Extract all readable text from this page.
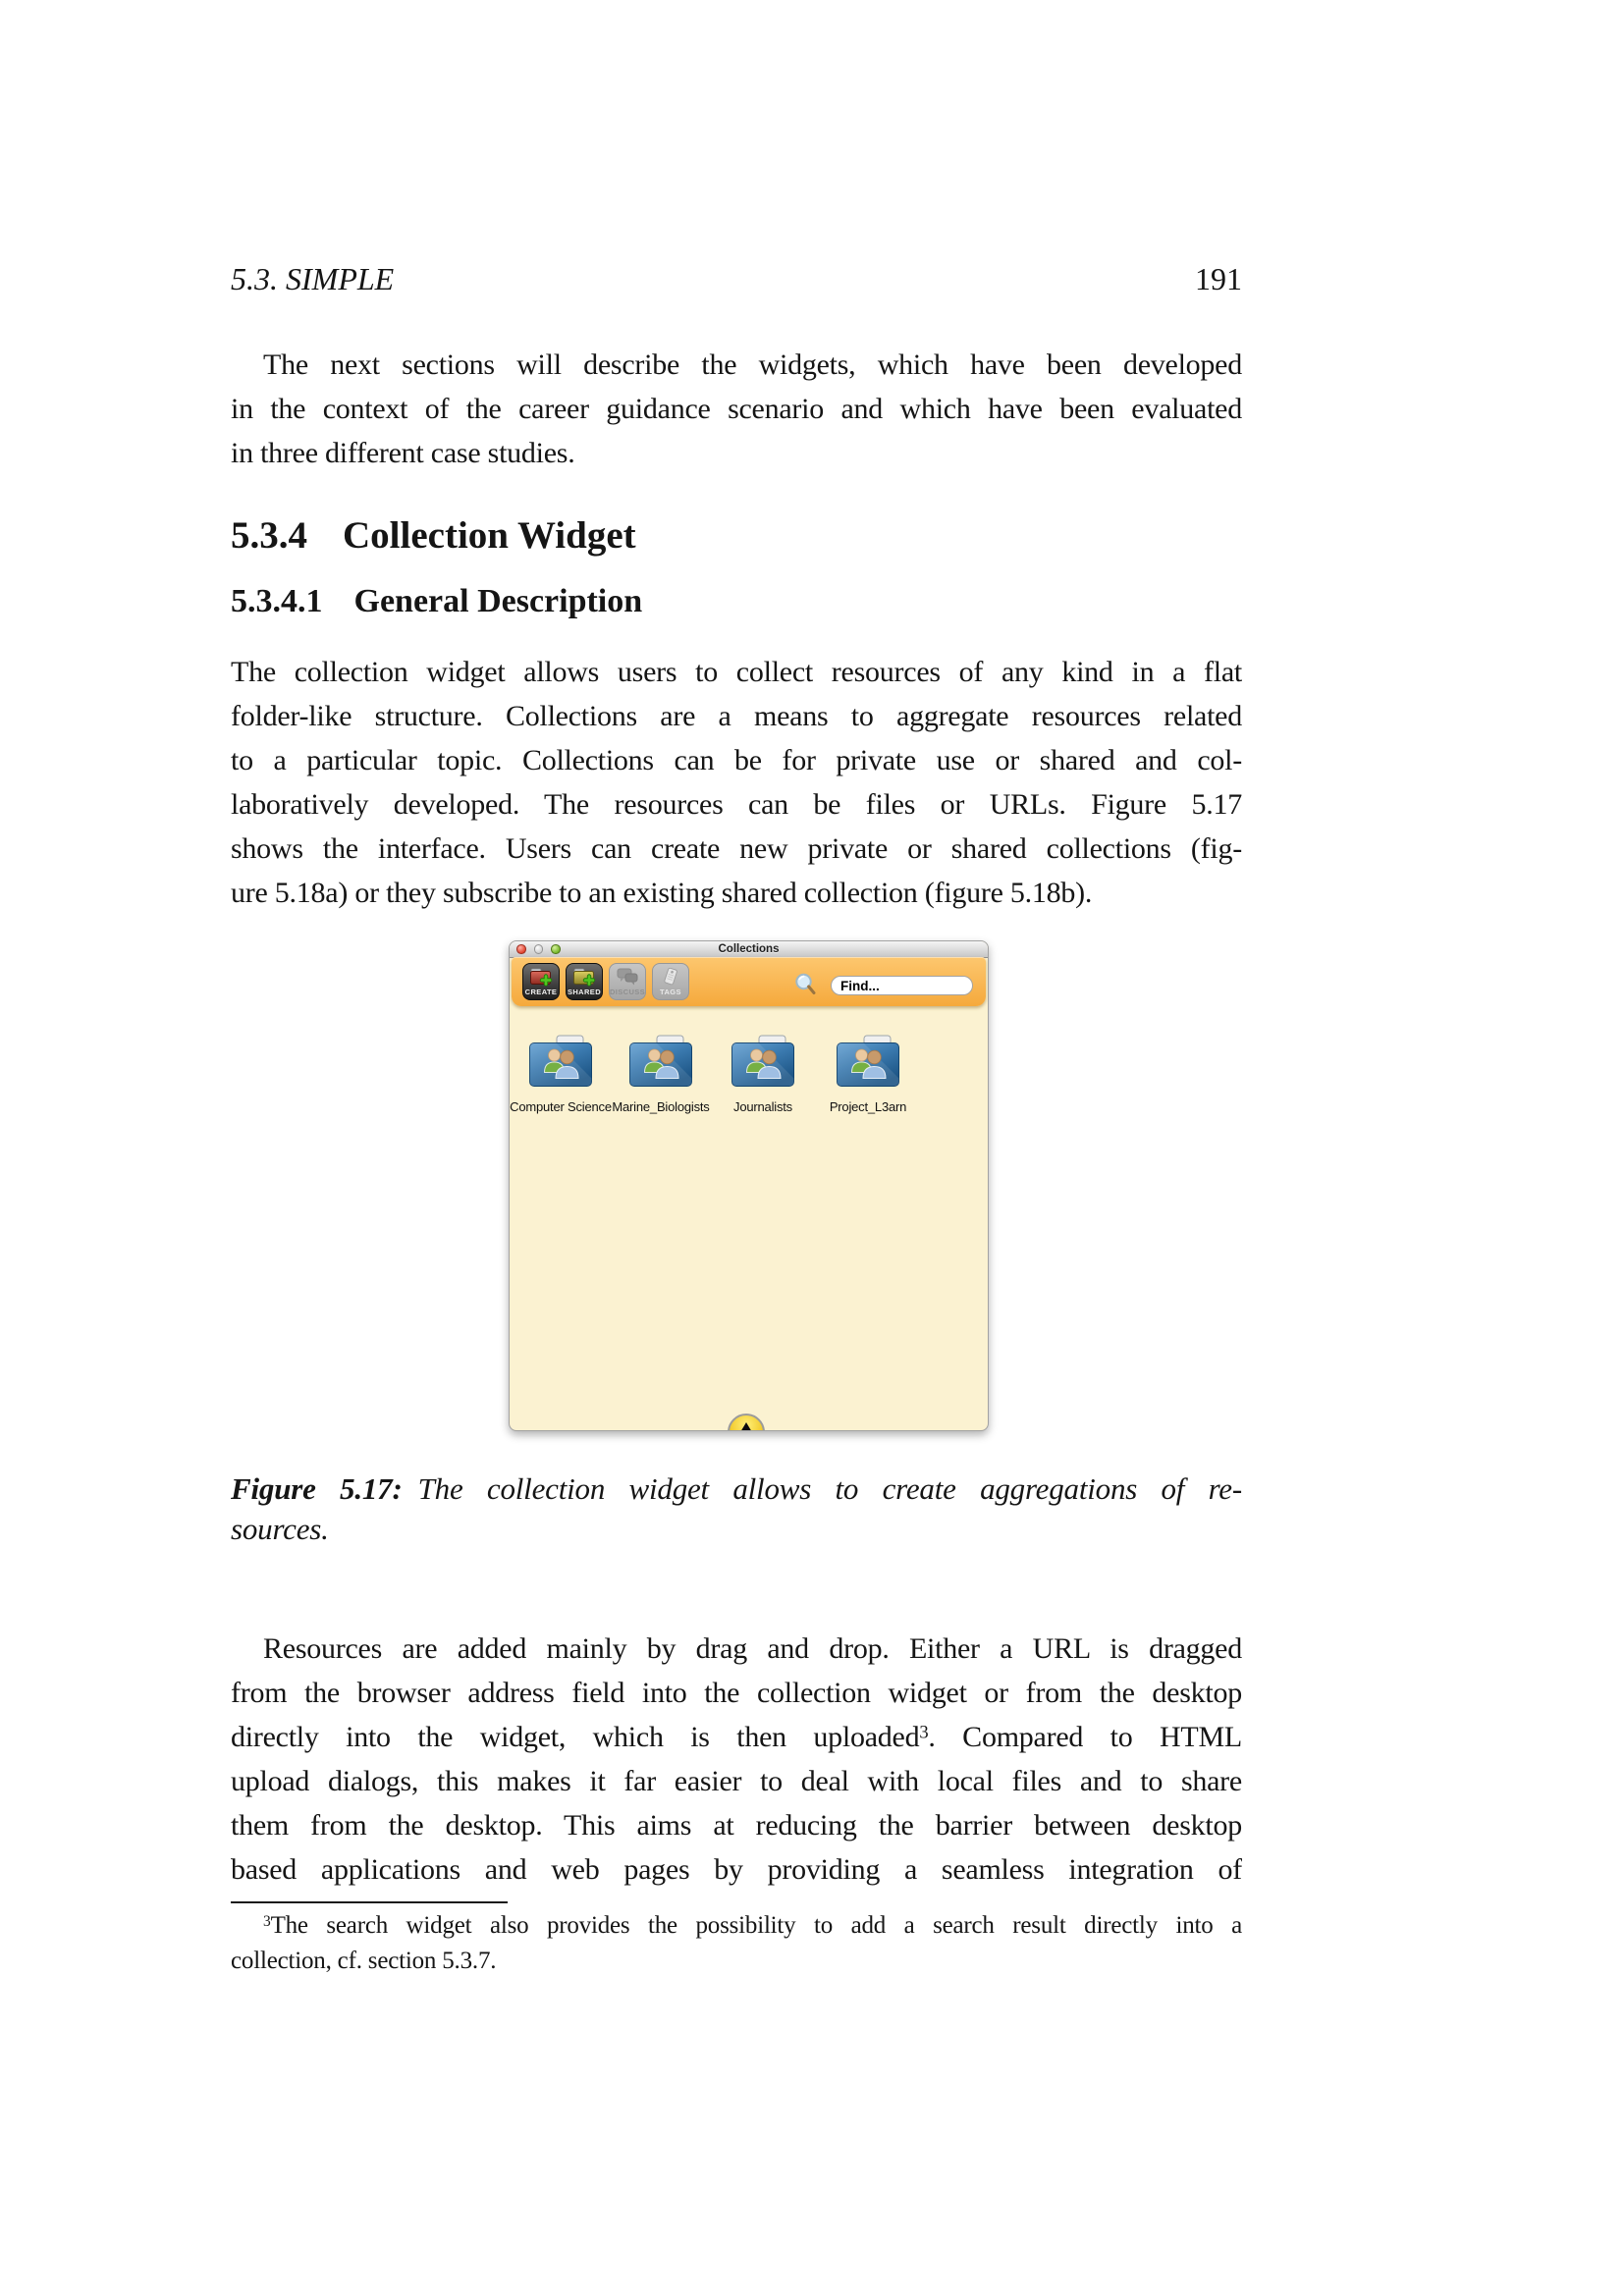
5.3. SIMPLE	191
The next sections will describe the widgets, which have been developed
in the context of the career guidance scenario and which have been evaluated
in three different case studies.
5.3.4 Collection Widget
5.3.4.1 General Description
The collection widget allows users to collect resources of any kind in a flat
folder-like structure. Collections are a means to aggregate resources related
to a particular topic. Collections can be for private use or shared and col-
laboratively developed. The resources can be files or URLs. Figure 5.17
shows the interface. Users can create new private or shared collections (fig-
ure 5.18a) or they subscribe to an existing shared collection (figure 5.18b).
Collections
CREATE SHARED DISCUSS TAGS
Find...
Computer Science Marine_Biologists	Journalists	Project_L3arn
Figure 5.17: The collection widget allows to create aggregations of re-
sources.
Resources are added mainly by drag and drop. Either a URL is dragged
from the browser address field into the collection widget or from the desktop
directly into the widget, which is then uploaded$^3$. Compared to HTML
upload dialogs, this makes it far easier to deal with local files and to share
them from the desktop. This aims at reducing the barrier between desktop
based applications and web pages by providing a seamless integration of
$^3$The search widget also provides the possibility to add a search result directly into a
collection, cf. section 5.3.7.
